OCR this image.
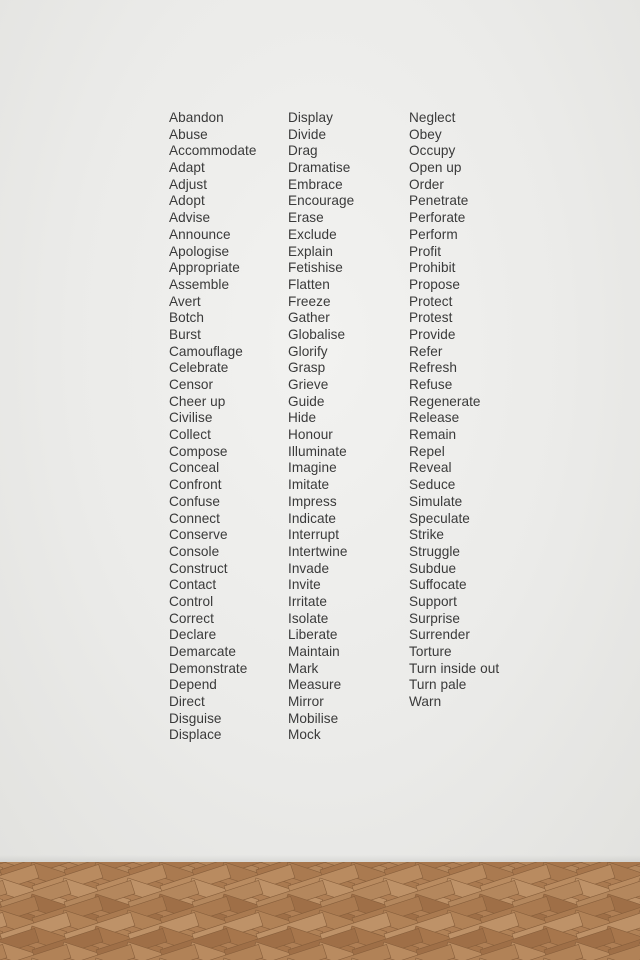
Abandon
Abuse
Accommodate
Adapt
Adjust
Adopt
Advise
Announce
Apologise
Appropriate
Assemble
Avert
Botch
Burst
Camouflage
Celebrate
Censor
Cheer up
Civilise
Collect
Compose
Conceal
Confront
Confuse
Connect
Conserve
Console
Construct
Contact
Control
Correct
Declare
Demarcate
Demonstrate
Depend
Direct
Disguise
Displace
Display
Divide
Drag
Dramatise
Embrace
Encourage
Erase
Exclude
Explain
Fetishise
Flatten
Freeze
Gather
Globalise
Glorify
Grasp
Grieve
Guide
Hide
Honour
Illuminate
Imagine
Imitate
Impress
Indicate
Interrupt
Intertwine
Invade
Invite
Irritate
Isolate
Liberate
Maintain
Mark
Measure
Mirror
Mobilise
Mock
Neglect
Obey
Occupy
Open up
Order
Penetrate
Perforate
Perform
Profit
Prohibit
Propose
Protect
Protest
Provide
Refer
Refresh
Refuse
Regenerate
Release
Remain
Repel
Reveal
Seduce
Simulate
Speculate
Strike
Struggle
Subdue
Suffocate
Support
Surprise
Surrender
Torture
Turn inside out
Turn pale
Warn
